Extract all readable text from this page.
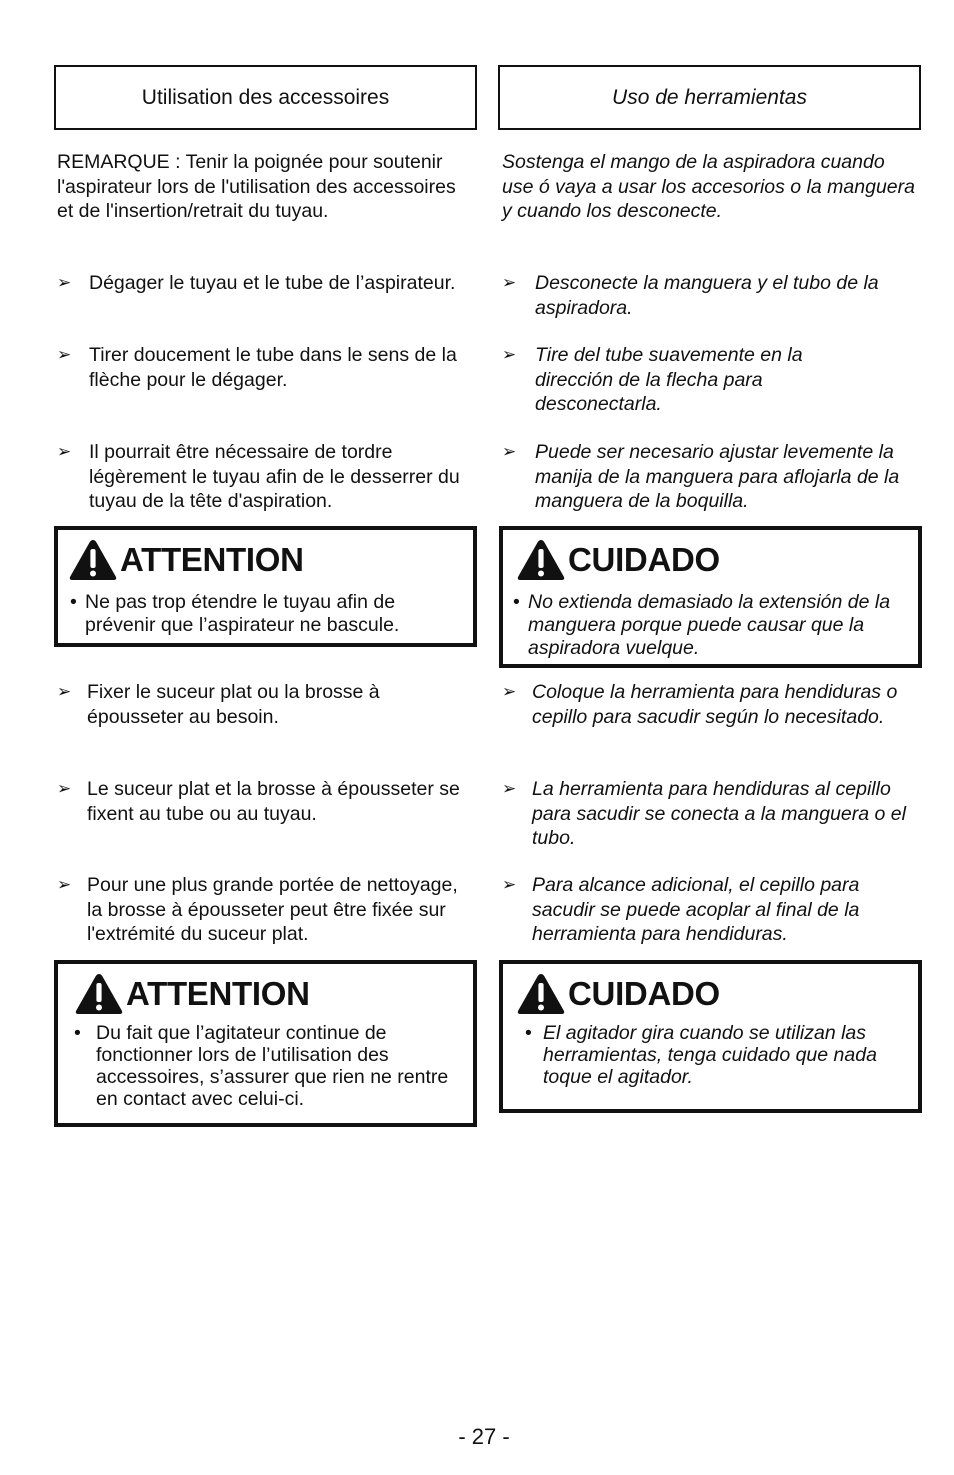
Utilisation des accessoires	Uso de herramientas

REMARQUE : Tenir la poignée pour soutenir l'aspirateur lors de l'utilisation des accessoires et de l'insertion/retrait du tuyau.

Sostenga el mango de la aspiradora cuando use ó vaya a usar los accesorios o la manguera y cuando los desconecte.

➢ Dégager le tuyau et le tube de l’aspirateur.
➢ Tirer doucement le tube dans le sens de la flèche pour le dégager.
➢ Il pourrait être nécessaire de tordre légèrement le tuyau afin de le desserrer du tuyau de la tête d'aspiration.
➢ Desconecte la manguera y el tubo de la aspiradora.
➢ Tire del tube suavemente en la dirección de la flecha para desconectarla.
➢ Puede ser necesario ajustar levemente la manija de la manguera para aflojarla de la manguera de la boquilla.
ATTENTION
• Ne pas trop étendre le tuyau afin de prévenir que l’aspirateur ne bascule.
CUIDADO
• No extienda demasiado la extensión de la manguera porque puede causar que la aspiradora vuelque.
➢ Fixer le suceur plat ou la brosse à épousseter au besoin.
➢ Le suceur plat et la brosse à épousseter se fixent au tube ou au tuyau.
➢ Pour une plus grande portée de nettoyage, la brosse à épousseter peut être fixée sur l'extrémité du suceur plat.
➢ Coloque la herramienta para hendiduras o cepillo para sacudir según lo necesitado.
➢ La herramienta para hendiduras al cepillo para sacudir se conecta a la manguera o el tubo.
➢ Para alcance adicional, el cepillo para sacudir se puede acoplar al final de la herramienta para hendiduras.
ATTENTION
• Du fait que l’agitateur continue de fonctionner lors de l’utilisation des accessoires, s’assurer que rien ne rentre en contact avec celui-ci.
CUIDADO
• El agitador gira cuando se utilizan las herramientas, tenga cuidado que nada toque el agitador.
- 27 -
